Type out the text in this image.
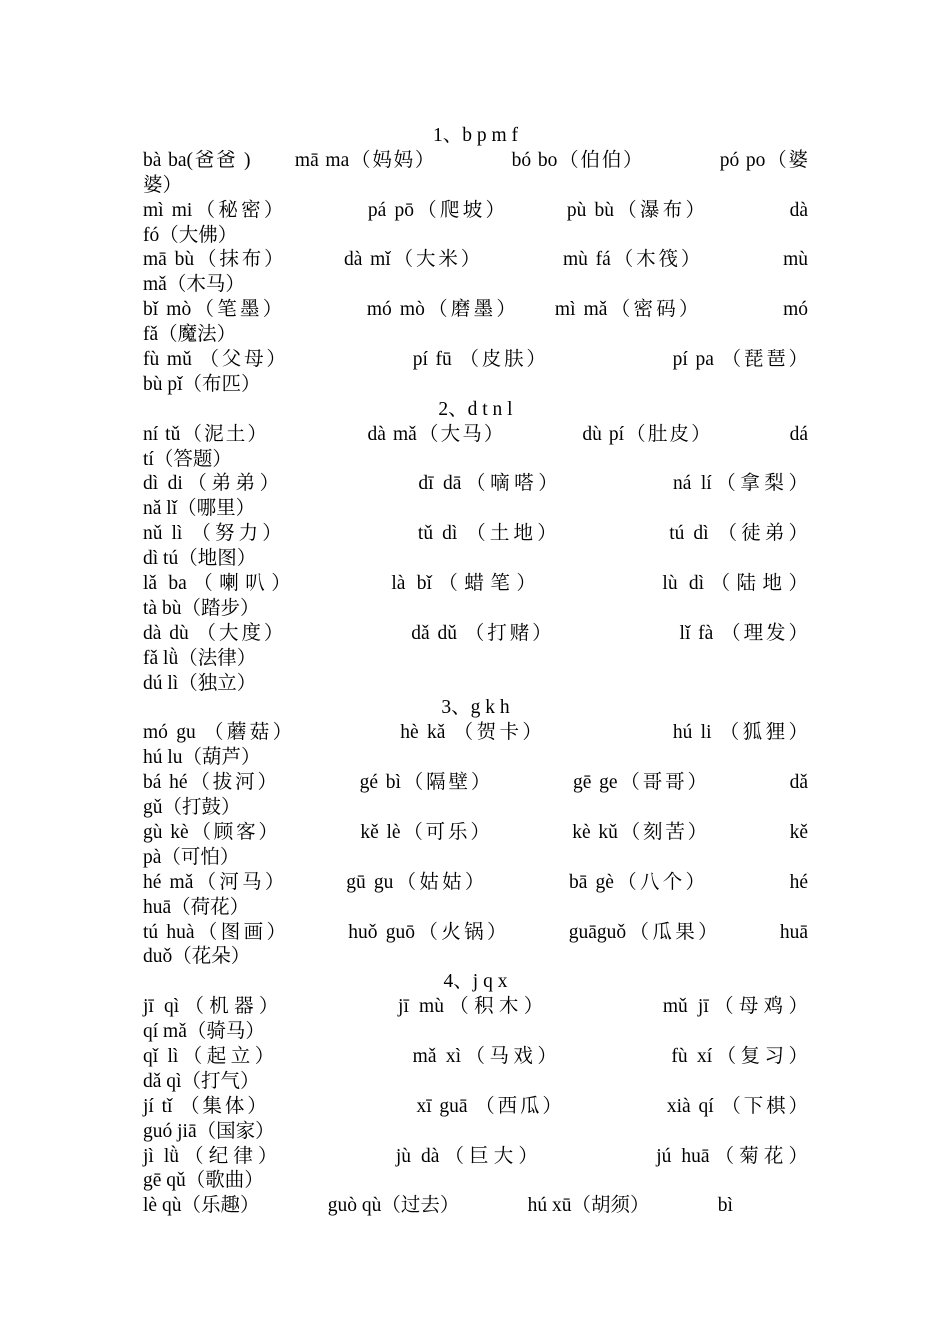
1、b p m f
bà ba(爸爸 )　　mā ma（妈妈）　　　　bó bo（伯伯）　　　　pó po（婆
婆）
mì mi（秘密）　　　　pá pō（爬坡）　　　pù bù（瀑布）　　　　dà
fó（大佛）
mā bù（抹布）　　　dà mǐ（大米）　　　　mù fá（木筏）　　　　mù
mǎ（木马）
bǐ mò（笔墨）　　　　mó mò（磨墨）　　mì mǎ（密码）　　　　mó
fǎ（魔法）
fù mǔ （父母）　　　　　　pí fū （皮肤）　　　　　　pí pa （琵琶）
bù pǐ（布匹）
2、d t n l
ní tǔ（泥土）　　　　　dà mǎ（大马）　　　　dù pí（肚皮）　　　　dá
tí（答题）
dì di（弟弟）　　　　　　dī dā（嘀嗒）　　　　　ná lí（拿梨）
nǎ lǐ（哪里）
nǔ lì （努力）　　　　　　tǔ dì （土地）　　　　　tú dì （徒弟）
dì tú（地图）
lǎ ba（喇叭）　　　　là bǐ（蜡笔）　　　　　lù dì（陆地）
tà bù（踏步）
dà dù （大度）　　　　　　dǎ dǔ （打赌）　　　　　　lǐ fà （理发）
fǎ lǜ（法律）
dú lì（独立）
3、g k h
mó gu （蘑菇）　　　　　hè kǎ （贺卡）　　　　　　hú li （狐狸）
hú lu（葫芦）
bá hé（拔河）　　　　gé bì（隔壁）　　　　gē ge（哥哥）　　　　dǎ
gǔ（打鼓）
gù kè（顾客）　　　　kě lè（可乐）　　　　kè kǔ（刻苦）　　　　kě
pà（可怕）
hé mǎ（河马）　　　gū gu（姑姑）　　　　bā gè（八个）　　　　hé
huā（荷花）
tú huà（图画）　　　huǒ guō（火锅）　　　guāguǒ（瓜果）　　　huā
duǒ（花朵）
4、j q x
jī qì（机器）　　　　　jī mù（积木）　　　　　mǔ jī（母鸡）
qí mǎ（骑马）
qǐ lì（起立）　　　　　　mǎ xì（马戏）　　　　　fù xí（复习）
dǎ qì（打气）
jí tǐ （集体）　　　　　　　xī guā （西瓜）　　　　　xià qí （下棋）
guó jiā（国家）
jì lǜ（纪律）　　　　　jù dà（巨大）　　　　　jú huā（菊花）
gē qǔ（歌曲）
lè qù（乐趣）　　　　guò qù（过去）　　　　hú xū（胡须）　　　　bì
